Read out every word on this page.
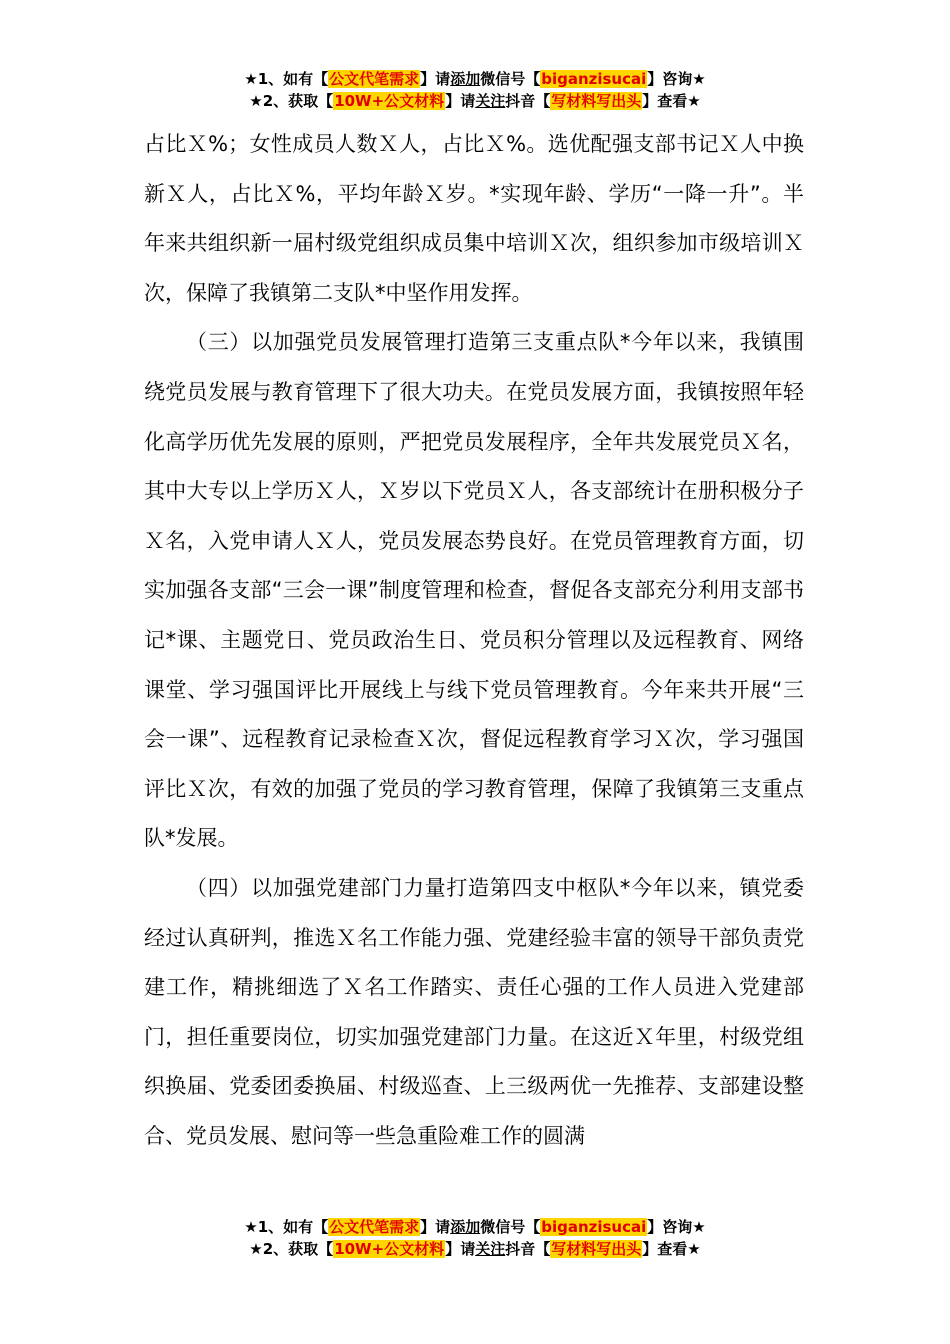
★1、如有【公文代笔需求】请添加微信号【biganzisucai】咨询★
★2、获取【10W+公文材料】请关注抖音【写材料写出头】查看★

占比Ｘ%；女性成员人数Ｘ人，占比Ｘ%。选优配强支部书记Ｘ人中换新Ｘ人，占比Ｘ%，平均年龄Ｘ岁。*实现年龄、学历“一降一升”。半年来共组织新一届村级党组织成员集中培训Ｘ次，组织参加市级培训Ｘ次，保障了我镇第二支队*中坚作用发挥。

（三）以加强党员发展管理打造第三支重点队*今年以来，我镇围绕党员发展与教育管理下了很大功夫。在党员发展方面，我镇按照年轻化高学历优先发展的原则，严把党员发展程序，全年共发展党员Ｘ名，其中大专以上学历Ｘ人，Ｘ岁以下党员Ｘ人，各支部统计在册积极分子Ｘ名，入党申请人Ｘ人，党员发展态势良好。在党员管理教育方面，切实加强各支部“三会一课”制度管理和检查，督促各支部充分利用支部书记*课、主题党日、党员政治生日、党员积分管理以及远程教育、网络课堂、学习强国评比开展线上与线下党员管理教育。今年来共开展“三会一课”、远程教育记录检查Ｘ次，督促远程教育学习Ｘ次，学习强国评比Ｘ次，有效的加强了党员的学习教育管理，保障了我镇第三支重点队*发展。

（四）以加强党建部门力量打造第四支中枢队*今年以来，镇党委经过认真研判，推选Ｘ名工作能力强、党建经验丰富的领导干部负责党建工作，精挑细选了Ｘ名工作踏实、责任心强的工作人员进入党建部门，担任重要岗位，切实加强党建部门力量。在这近Ｘ年里，村级党组织换届、党委团委换届、村级巡查、上三级两优一先推荐、支部建设整合、党员发展、慰问等一些急重险难工作的圆满

★1、如有【公文代笔需求】请添加微信号【biganzisucai】咨询★
★2、获取【10W+公文材料】请关注抖音【写材料写出头】查看★
